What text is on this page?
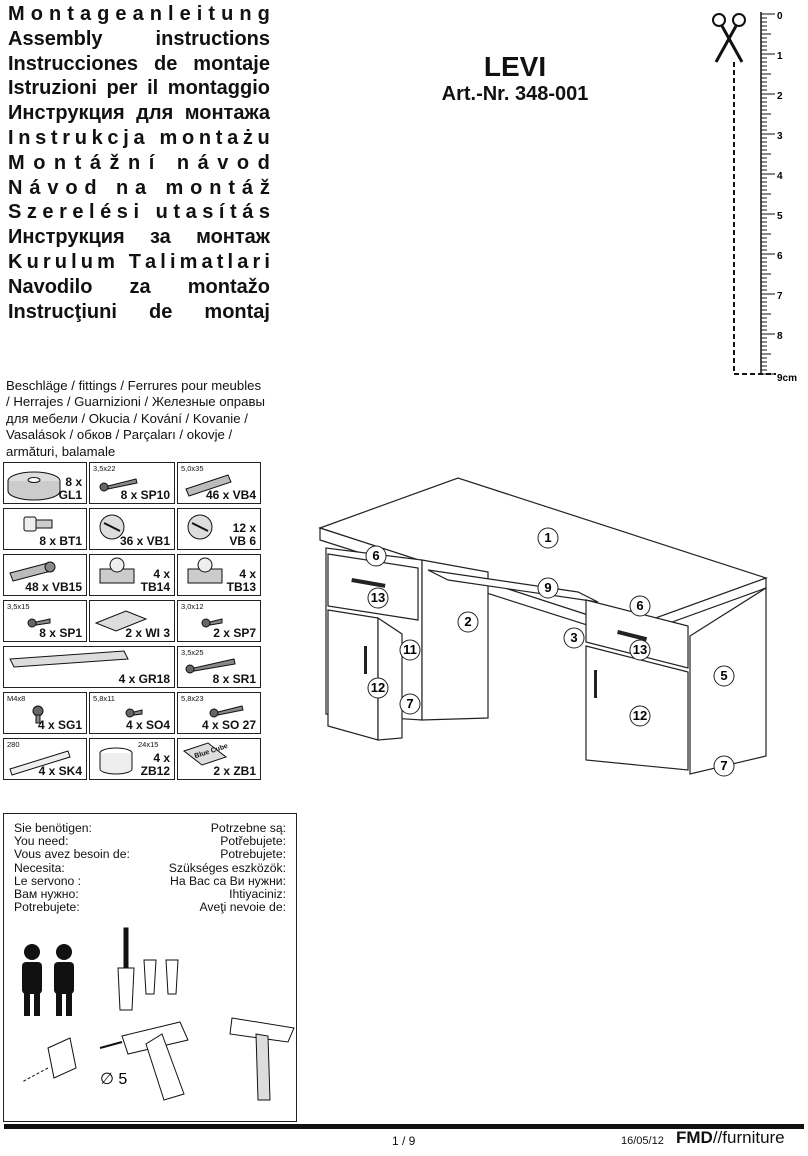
M o n t a g e a n l e i t u n g
Assembly	instructions
Instrucciones de montaje
Istruzioni per il montaggio
Инструкция для монтажа
I n s t r u k c j a
m o n t a ż u
M o n t á ž n í
n á v o d
N á v o d
n a
m o n t á ž
S z e r e l é s i
u t a s í t á s
Инструкция за монтаж
K u r u l u m
T a l i m a t l a r i
Navodilo za montažo
Instrucţiuni de montaj
LEVI
Art.-Nr. 348-001
0
1
2
3
4
5
6
7
8
9cm
Beschläge / fittings / Ferrures pour meubles / Herrajes / Guarnizioni / Железные оправы для мебели / Okucia / Kování / Kovanie / Vasalások / обков / Parçaları / okovje / armături, balamale
8 x
GL1
3,5x22
8 x SP10
5,0x35
46 x VB4
8 x BT1	36 x VB1
12 x
VB 6
48 x VB15
4 x
TB14
4 x
TB13
3,5x15
8 x SP1	2 x WI 3
3,0x12
2 x SP7
4 x GR18
3,5x25
8 x SR1
M4x8
4 x SG1
5,8x11
4 x SO4
5,8x23
4 x SO 27
280
4 x SK4
24x15
4 x
ZB12
Blue Cube
2 x ZB1
1
2
3
5
6
6
7
7
9
11
12
12
13
13
Sie benötigen:
You need:
Vous avez besoin de:
Necesita:
Le servono :
Вам нужно:
Potrebujete:
Potrzebne są:
Potřebujete:
Potrebujete:
Szükséges eszközök:
На Вас са Ви нужни:
Ihtiyaciniz:
Aveţi nevoie de:
∅ 5
1 / 9	16/05/12 FMD//furniture
